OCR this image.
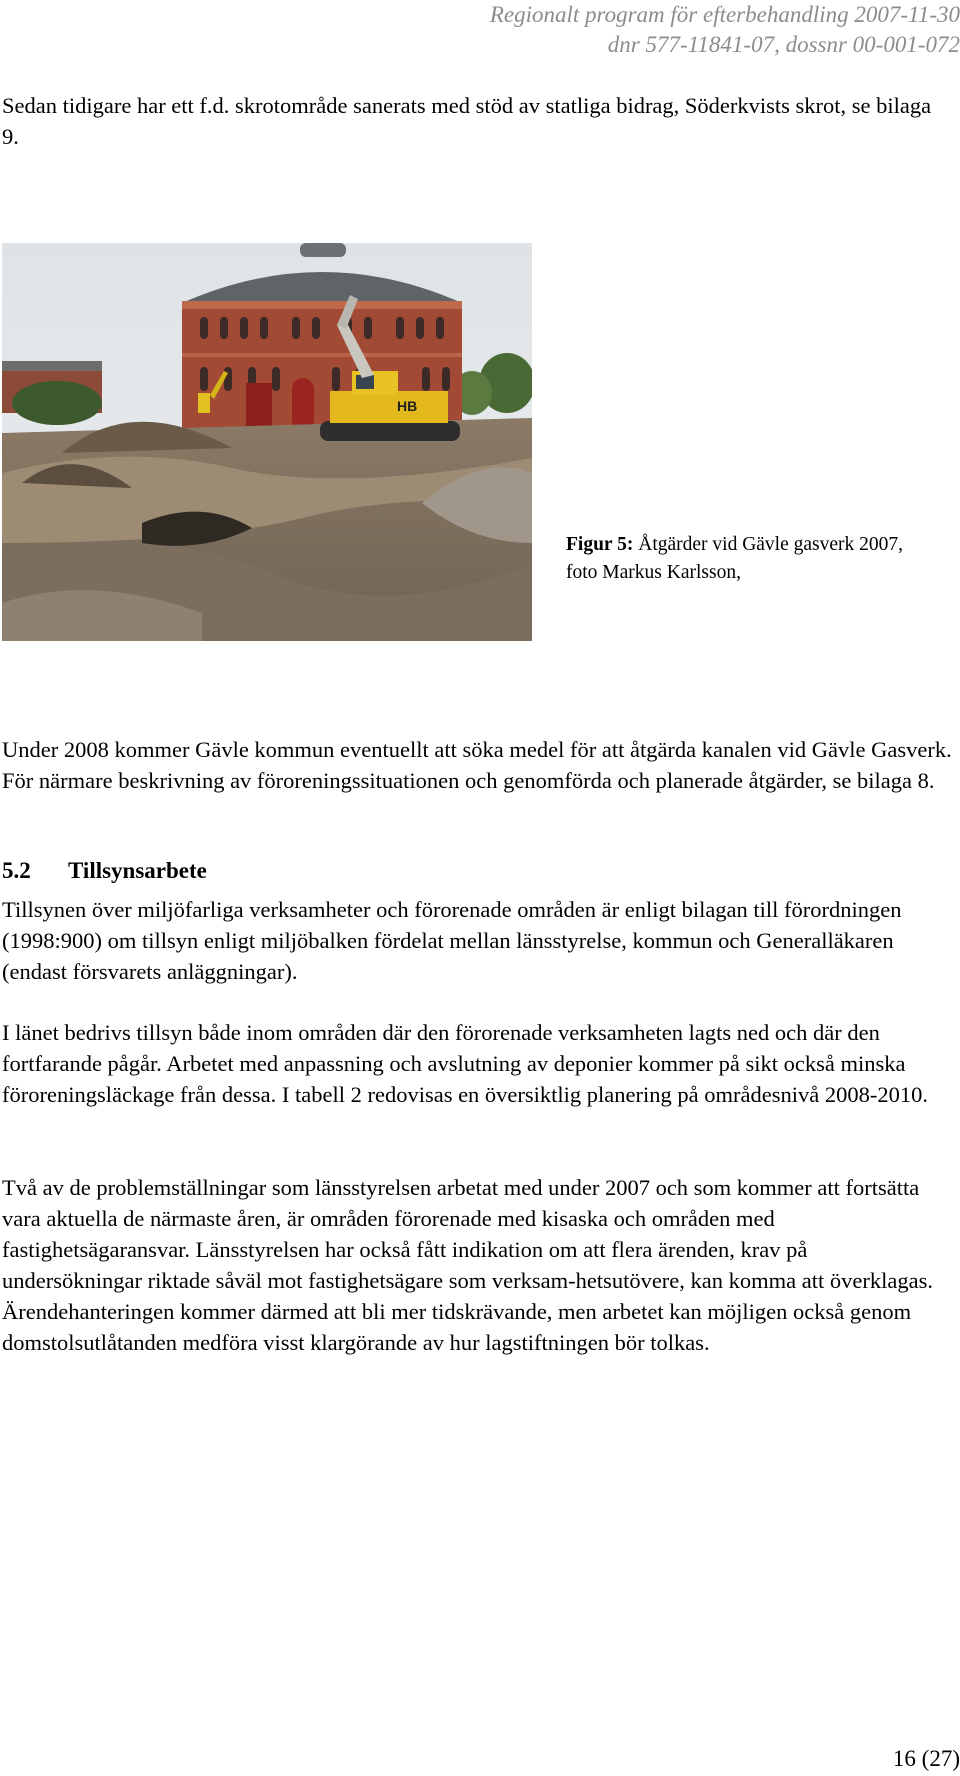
Regionalt program för efterbehandling 2007-11-30
dnr 577-11841-07, dossnr 00-001-072
Sedan tidigare har ett f.d. skrotområde sanerats med stöd av statliga bidrag, Söderkvists skrot, se bilaga 9.
HB
Figur 5: Åtgärder vid Gävle gasverk 2007, foto Markus Karlsson,
Under 2008 kommer Gävle kommun eventuellt att söka medel för att åtgärda kanalen vid Gävle Gasverk. För närmare beskrivning av föroreningssituationen och genomförda och planerade åtgärder, se bilaga 8.
5.2 Tillsynsarbete
Tillsynen över miljöfarliga verksamheter och förorenade områden är enligt bilagan till förordningen (1998:900) om tillsyn enligt miljöbalken fördelat mellan länsstyrelse, kommun och Generalläkaren (endast försvarets anläggningar).
I länet bedrivs tillsyn både inom områden där den förorenade verksamheten lagts ned och där den fortfarande pågår. Arbetet med anpassning och avslutning av deponier kommer på sikt också minska föroreningsläckage från dessa. I tabell 2 redovisas en översiktlig planering på områdesnivå 2008-2010.
Två av de problemställningar som länsstyrelsen arbetat med under 2007 och som kommer att fortsätta vara aktuella de närmaste åren, är områden förorenade med kisaska och områden med fastighetsägaransvar. Länsstyrelsen har också fått indikation om att flera ärenden, krav på undersökningar riktade såväl mot fastighetsägare som verksam-hetsutövere, kan komma att överklagas. Ärendehanteringen kommer därmed att bli mer tidskrävande, men arbetet kan möjligen också genom domstolsutlåtanden medföra visst klargörande av hur lagstiftningen bör tolkas.
16 (27)
